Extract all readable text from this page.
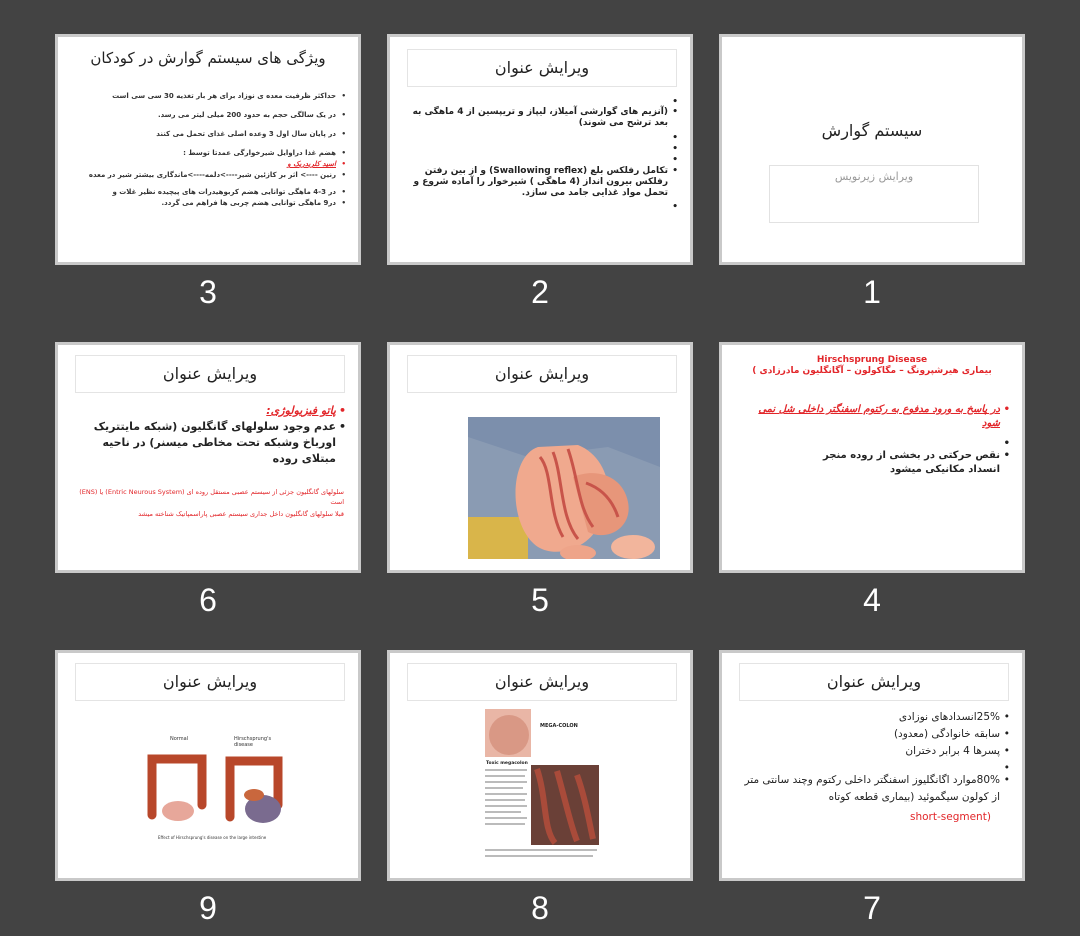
ویژگی های سیستم گوارش در کودکان
• حداکثر ظرفیت معده ی نوزاد برای هر بار تغذیه 30 سی سی است
• در یک سالگی حجم به حدود 200 میلی لیتر می رسد.
• در پایان سال اول 3 وعده اصلی غذای تحمل می کنند
• هضم غذا دراوایل شیرخوارگی عمدتا توسط :
• اسید کلریدریک و
• رنین ----> اثر بر کازئین شیر---->دلمه---->ماندگاری بیشتر شیر در معده
• در 3-4 ماهگی توانایی هضم کربوهیدرات های پیچیده نظیر غلات و
• در9 ماهگی توانایی هضم چربی ها فراهم می گردد.
3
ویرایش عنوان
•
• (آنزیم های گوارشی آمیلاز، لیپاز و تریپسین از 4 ماهگی به بعد ترشح می شوند)
•
•
•
• تکامل رفلکس بلع (Swallowing reflex) و از بین رفتن رفلکس بیرون انداز (4 ماهگی ) شیرخوار را آماده شروع و تحمل مواد غذایی جامد می سازد.
•
2
سیستم گوارش
ویرایش زیرنویس
1
ویرایش عنوان
• پاتو فیزیولوژی:
• عدم وجود سلولهای گانگلیون (شبکه مایتتریک اورباخ وشبکه تحت مخاطی میسنر) در ناحیه مبتلای روده
سلولهای گانگلیون جزئی از سیستم عصبی مستقل روده ای (Entric Neurous System) یا (ENS) است
قبلا سلولهای گانگلیون داخل جداری سیستم عصبی پاراسمپاتیک شناخته میشد
6
ویرایش عنوان
5
Hirschsprung Disease
بیماری هیرشپرونگ – مگاکولون – آگانگلیون مادرزادی )
• در پاسخ به ورود مدفوع به رکتوم اسفنگتر داخلی شل نمی شود
•
• نقص حرکتی در بخشی از روده منجر انسداد مکانیکی میشود
4
ویرایش عنوان
Normal	Hirschsprung's disease
Effect of Hirschsprung's disease on the large intestine
9
ویرایش عنوان
MEGA-COLON
Toxic megacolon
8
ویرایش عنوان
• 25%انسدادهای نوزادی
• سابقه خانوادگی (معدود)
• پسرها 4 برابر دختران
•
• 80%موارد اگانگلیوز اسفنگتر داخلی رکتوم وچند سانتی متر از کولون سیگموئید (بیماری قطعه کوتاه
short-segment)
7
